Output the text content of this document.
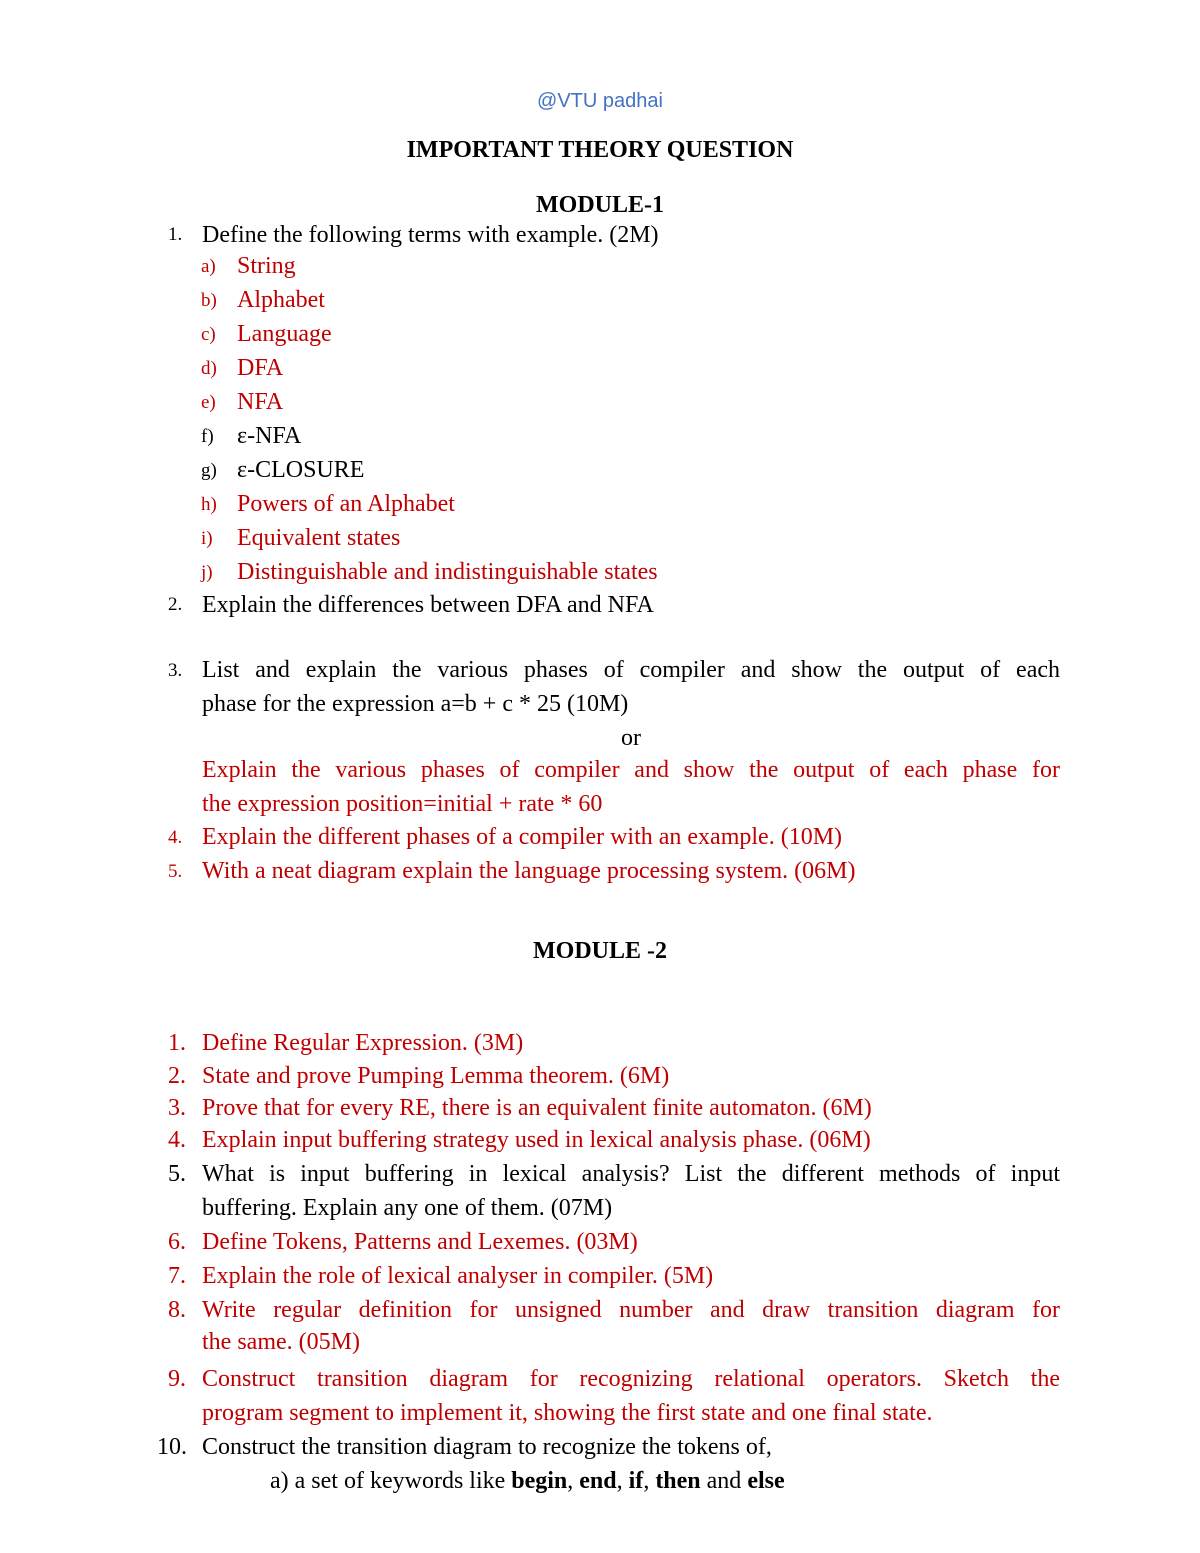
@VTU padhai
IMPORTANT THEORY QUESTION
MODULE-1
1. Define the following terms with example. (2M)
a) String
b) Alphabet
c) Language
d) DFA
e) NFA
f) ε-NFA
g) ε-CLOSURE
h) Powers of an Alphabet
i) Equivalent states
j) Distinguishable and indistinguishable states
2. Explain the differences between DFA and NFA
3. List and explain the various phases of compiler and show the output of each
phase for the expression a=b + c * 25 (10M)
or
Explain the various phases of compiler and show the output of each phase for
the expression position=initial + rate * 60
4. Explain the different phases of a compiler with an example. (10M)
5. With a neat diagram explain the language processing system. (06M)
MODULE -2
1. Define Regular Expression. (3M)
2. State and prove Pumping Lemma theorem. (6M)
3. Prove that for every RE, there is an equivalent finite automaton. (6M)
4. Explain input buffering strategy used in lexical analysis phase. (06M)
5. What is input buffering in lexical analysis? List the different methods of input
buffering. Explain any one of them. (07M)
6. Define Tokens, Patterns and Lexemes. (03M)
7. Explain the role of lexical analyser in compiler. (5M)
8. Write regular definition for unsigned number and draw transition diagram for
the same. (05M)
9. Construct transition diagram for recognizing relational operators. Sketch the
program segment to implement it, showing the first state and one final state.
10. Construct the transition diagram to recognize the tokens of,
a) a set of keywords like begin, end, if, then and else
